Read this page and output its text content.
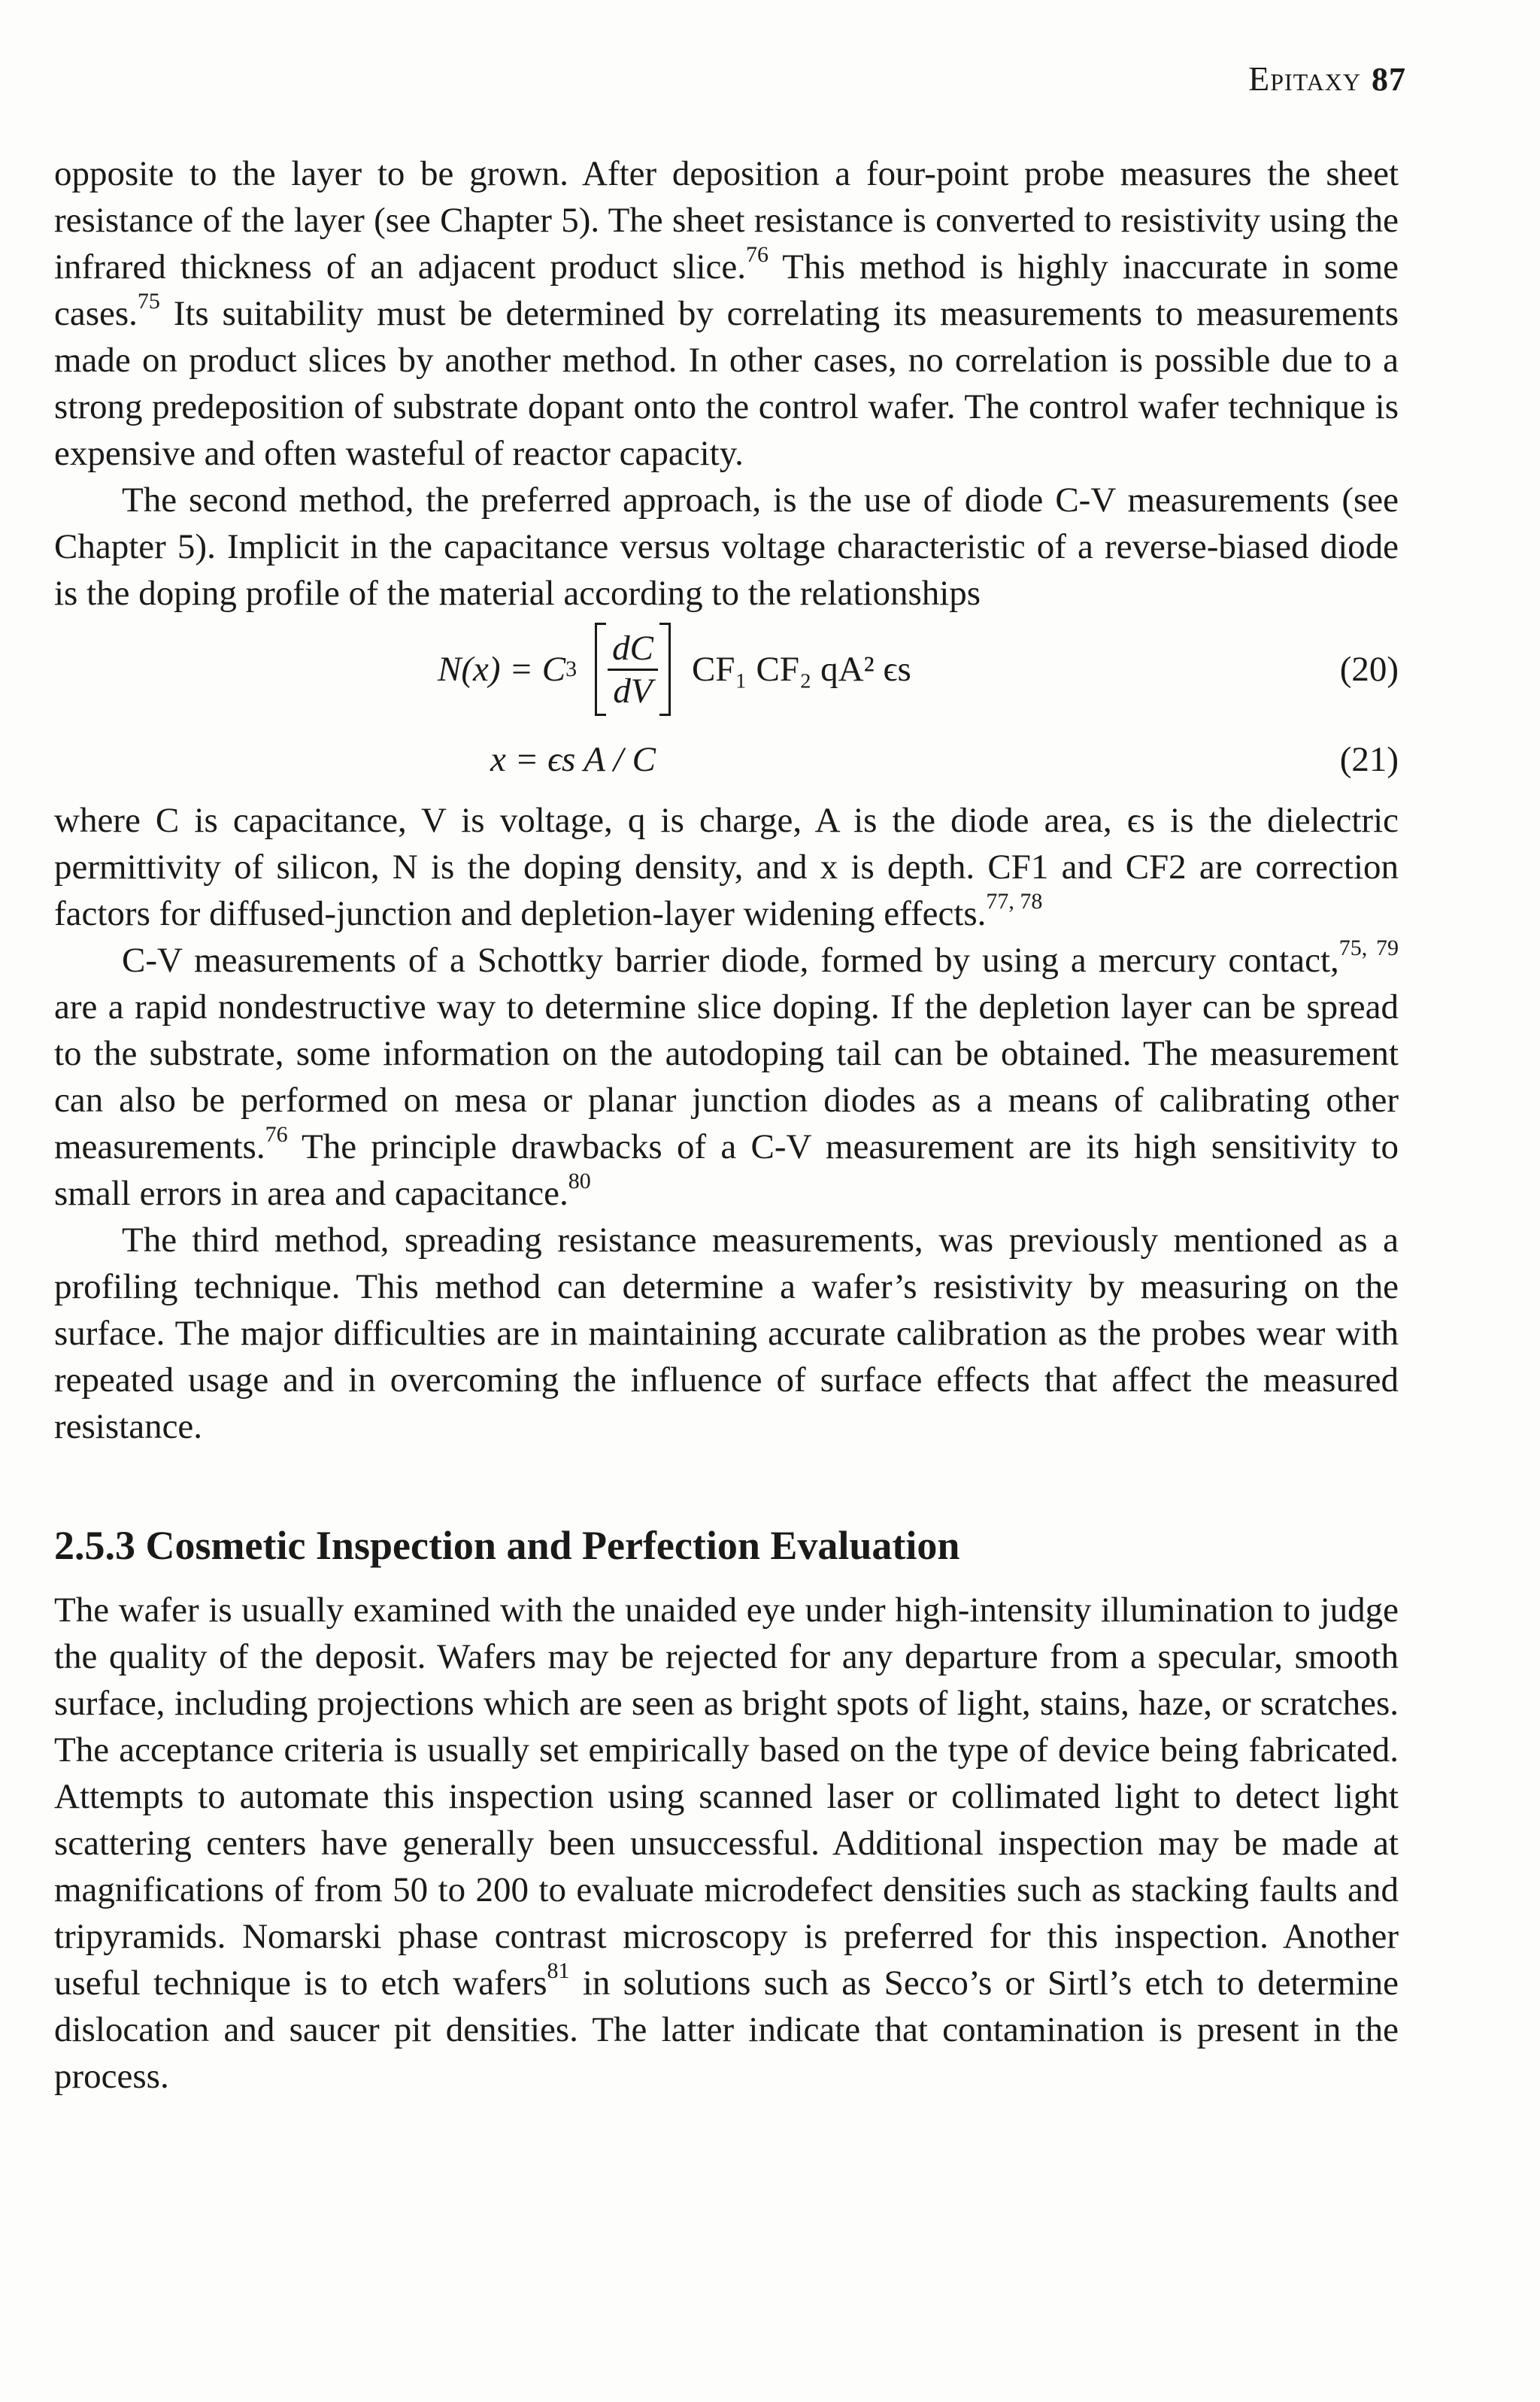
Epitaxy 87

opposite to the layer to be grown. After deposition a four-point probe measures the sheet resistance of the layer (see Chapter 5). The sheet resistance is converted to resistivity using the infrared thickness of an adjacent product slice.$^{76}$ This method is highly inaccurate in some cases.$^{75}$ Its suitability must be determined by correlating its measurements to measurements made on product slices by another method. In other cases, no correlation is possible due to a strong predeposition of substrate dopant onto the control wafer. The control wafer technique is expensive and often wasteful of reactor capacity.

The second method, the preferred approach, is the use of diode C-V measurements (see Chapter 5). Implicit in the capacitance versus voltage characteristic of a reverse-biased diode is the doping profile of the material according to the relationships

N(x) = C $3 \frac{dC}{dV} CF_1$ CF₂ qA² ϵs	(20)
x = ϵs A / C	(21)

where C is capacitance, V is voltage, q is charge, A is the diode area, ϵs is the dielectric permittivity of silicon, N is the doping density, and x is depth. CF1 and CF2 are correction factors for diffused-junction and depletion-layer widening effects.$^{77, 78}$

C-V measurements of a Schottky barrier diode, formed by using a mercury contact,$^{75, 79}$ are a rapid nondestructive way to determine slice doping. If the depletion layer can be spread to the substrate, some information on the autodoping tail can be obtained. The measurement can also be performed on mesa or planar junction diodes as a means of calibrating other measurements.$^{76}$ The principle drawbacks of a C-V measurement are its high sensitivity to small errors in area and capacitance.$^{80}$

The third method, spreading resistance measurements, was previously mentioned as a profiling technique. This method can determine a wafer’s resistivity by measuring on the surface. The major difficulties are in maintaining accurate calibration as the probes wear with repeated usage and in overcoming the influence of surface effects that affect the measured resistance.

2.5.3 Cosmetic Inspection and Perfection Evaluation

The wafer is usually examined with the unaided eye under high-intensity illumination to judge the quality of the deposit. Wafers may be rejected for any departure from a specular, smooth surface, including projections which are seen as bright spots of light, stains, haze, or scratches. The acceptance criteria is usually set empirically based on the type of device being fabricated. Attempts to automate this inspection using scanned laser or collimated light to detect light scattering centers have generally been unsuccessful. Additional inspection may be made at magnifications of from 50 to 200 to evaluate microdefect densities such as stacking faults and tripyramids. Nomarski phase contrast microscopy is preferred for this inspection. Another useful technique is to etch wafers$^{81}$ in solutions such as Secco’s or Sirtl’s etch to determine dislocation and saucer pit densities. The latter indicate that contamination is present in the process.
